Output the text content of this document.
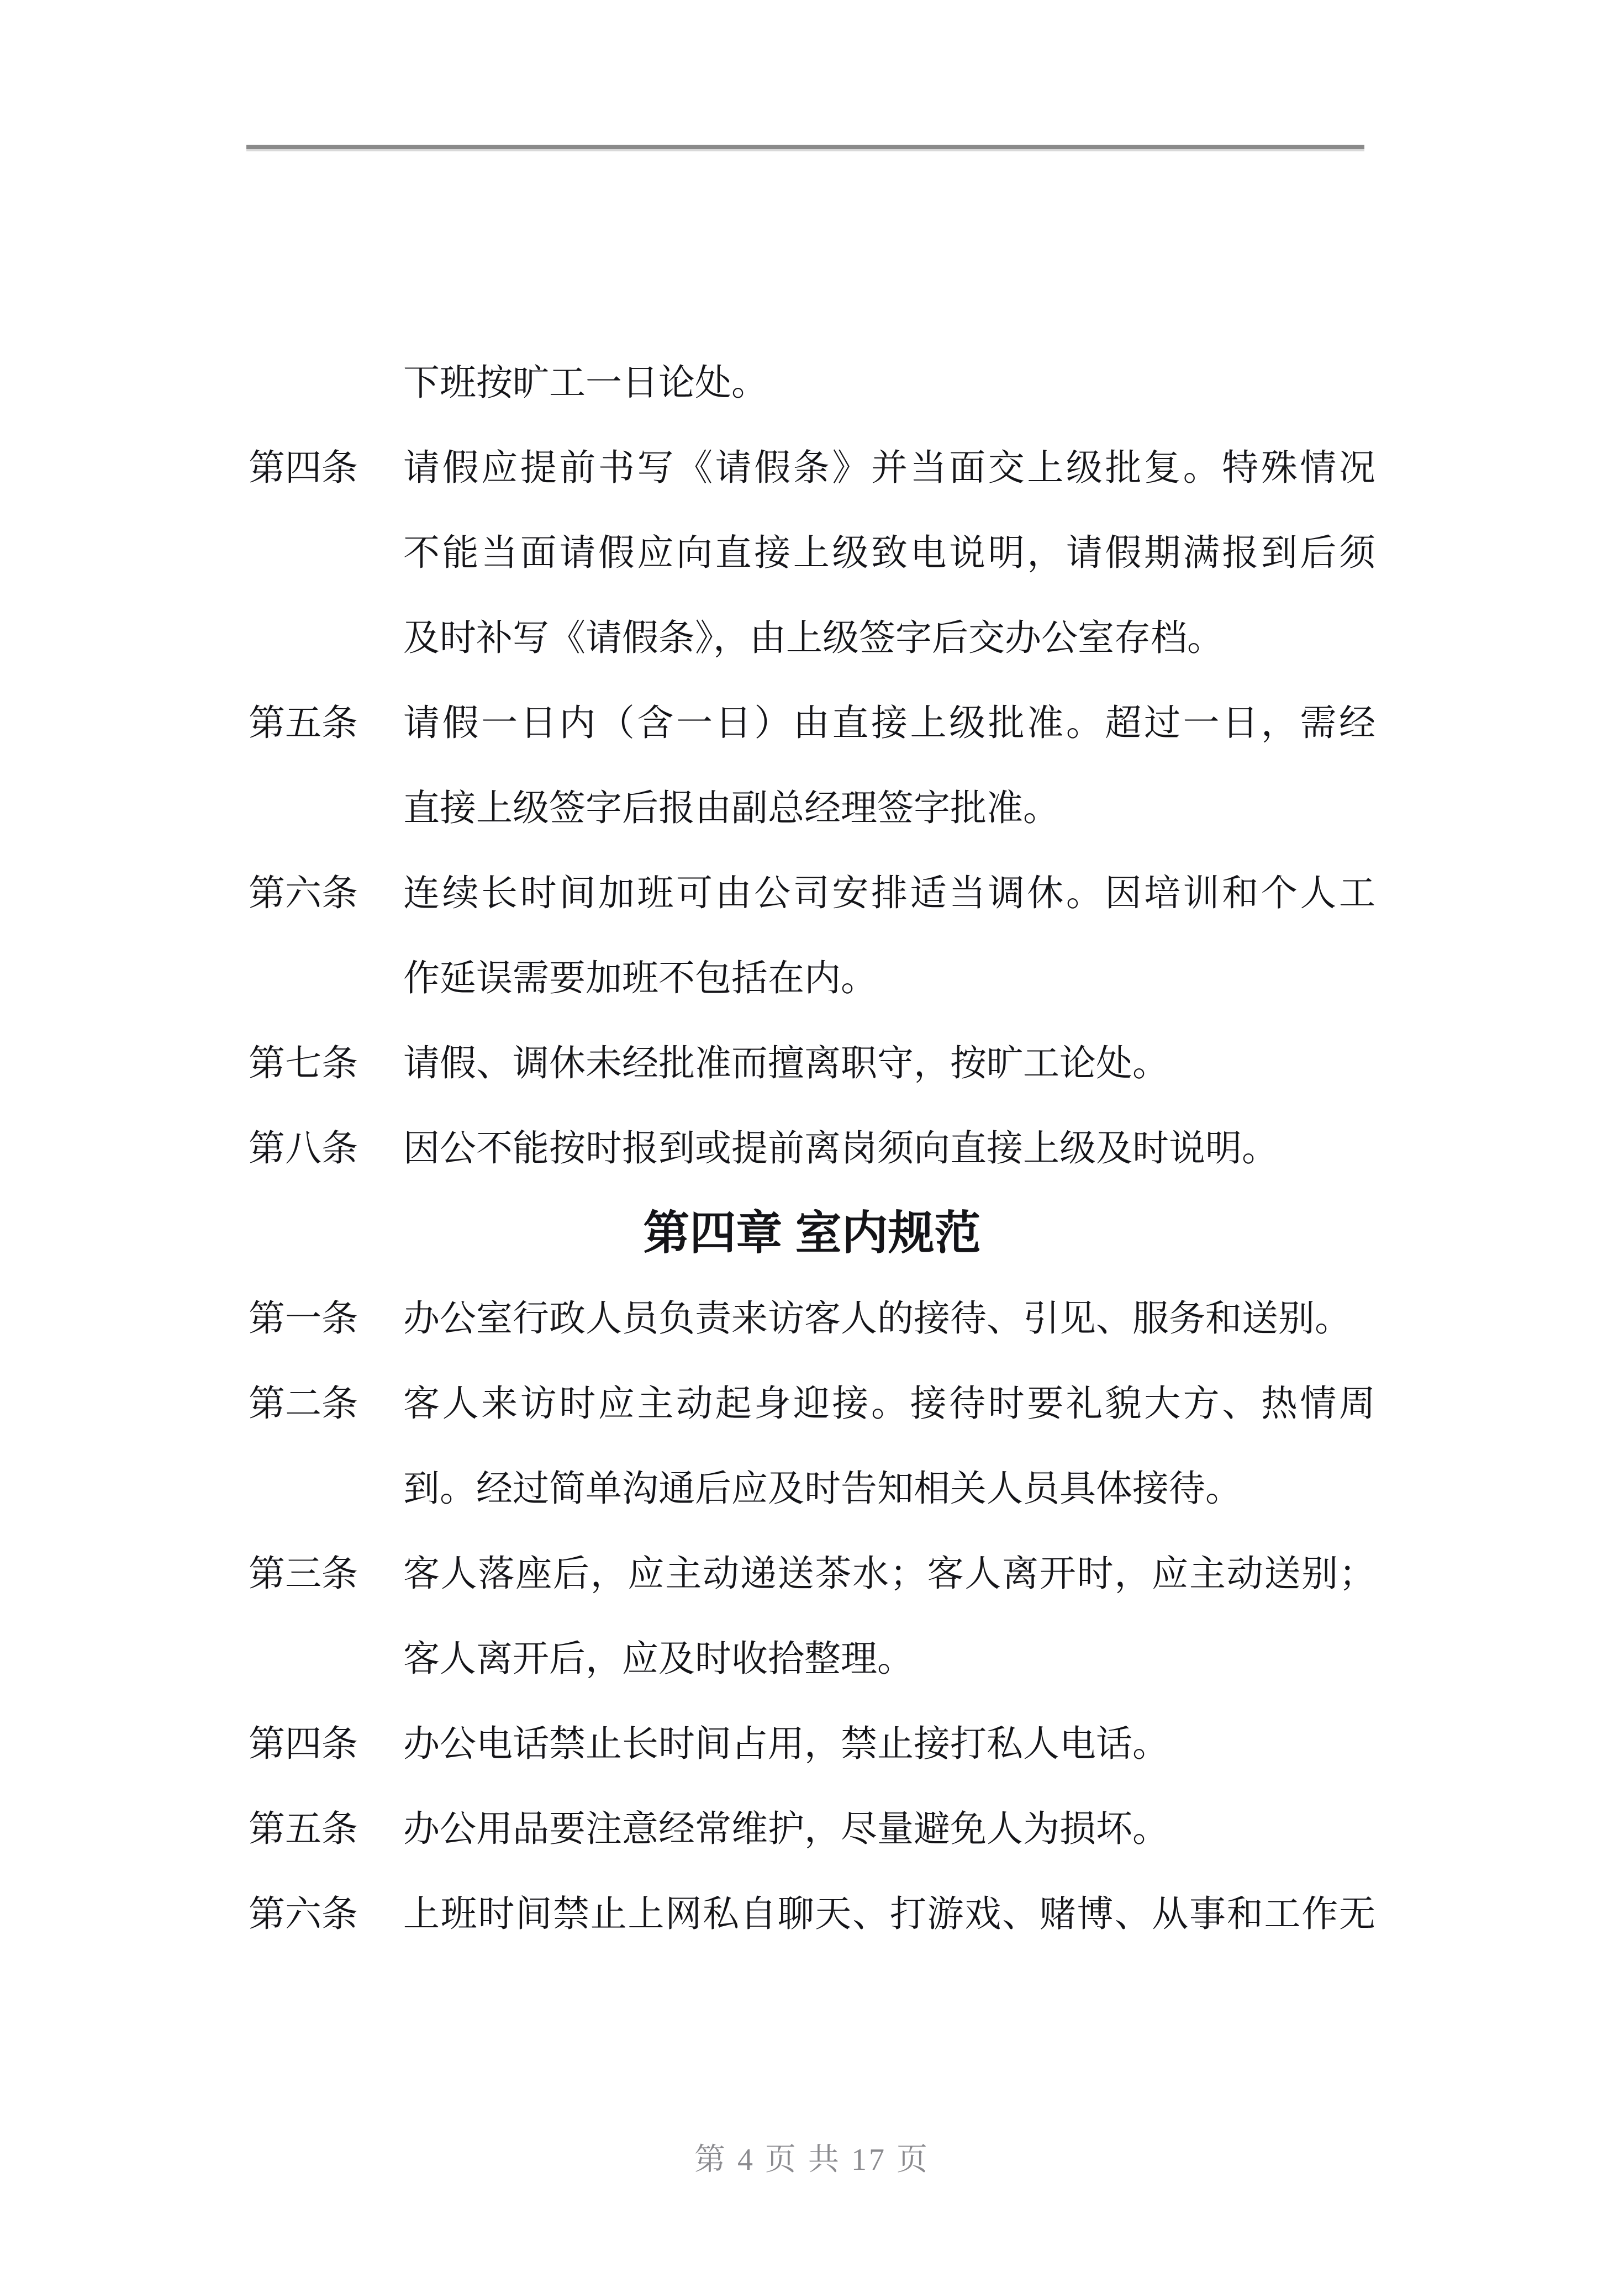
下班按旷工一日论处。
第四条 请假应提前书写《请假条》并当面交上级批复。特殊情况
不能当面请假应向直接上级致电说明，请假期满报到后须
及时补写《请假条》，由上级签字后交办公室存档。
第五条 请假一日内（含一日）由直接上级批准。超过一日，需经
直接上级签字后报由副总经理签字批准。
第六条 连续长时间加班可由公司安排适当调休。因培训和个人工
作延误需要加班不包括在内。
第七条 请假、调休未经批准而擅离职守，按旷工论处。
第八条 因公不能按时报到或提前离岗须向直接上级及时说明。
第四章 室内规范
第一条 办公室行政人员负责来访客人的接待、引见、服务和送别。
第二条 客人来访时应主动起身迎接。接待时要礼貌大方、热情周
到。经过简单沟通后应及时告知相关人员具体接待。
第三条 客人落座后，应主动递送茶水；客人离开时，应主动送别；
客人离开后，应及时收拾整理。
第四条 办公电话禁止长时间占用，禁止接打私人电话。
第五条 办公用品要注意经常维护，尽量避免人为损坏。
第六条 上班时间禁止上网私自聊天、打游戏、赌博、从事和工作无
第 4 页 共 17 页
